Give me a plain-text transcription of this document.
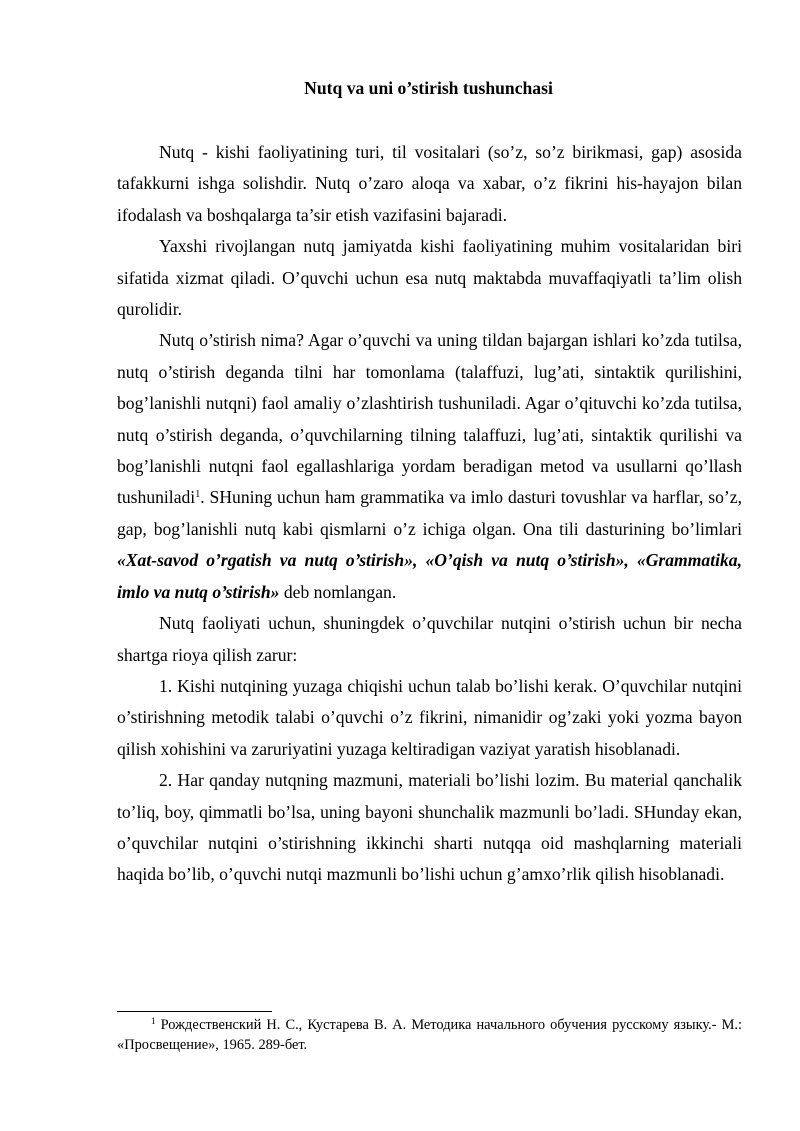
Nutq va uni o’stirish tushunchasi

Nutq - kishi faoliyatining turi, til vositalari (so’z, so’z birikmasi, gap) asosida tafakkurni ishga solishdir. Nutq o’zaro aloqa va xabar, o’z fikrini his-hayajon bilan ifodalash va boshqalarga ta’sir etish vazifasini bajaradi.

Yaxshi rivojlangan nutq jamiyatda kishi faoliyatining muhim vositalaridan biri sifatida xizmat qiladi. O’quvchi uchun esa nutq maktabda muvaffaqiyatli ta’lim olish qurolidir.

Nutq o’stirish nima? Agar o’quvchi va uning tildan bajargan ishlari ko’zda tutilsa, nutq o’stirish deganda tilni har tomonlama (talaffuzi, lug’ati, sintaktik qurilishini, bog’lanishli nutqni) faol amaliy o’zlashtirish tushuniladi. Agar o’qituvchi ko’zda tutilsa, nutq o’stirish deganda, o’quvchilarning tilning talaffuzi, lug’ati, sintaktik qurilishi va bog’lanishli nutqni faol egallashlariga yordam beradigan metod va usullarni qo’llash tushuniladi$^1$. SHuning uchun ham grammatika va imlo dasturi tovushlar va harflar, so’z, gap, bog’lanishli nutq kabi qismlarni o’z ichiga olgan. Ona tili dasturining bo’limlari «Xat-savod o’rgatish va nutq o’stirish», «O’qish va nutq o’stirish», «Grammatika, imlo va nutq o’stirish» deb nomlangan.

Nutq faoliyati uchun, shuningdek o’quvchilar nutqini o’stirish uchun bir necha shartga rioya qilish zarur:

1. Kishi nutqining yuzaga chiqishi uchun talab bo’lishi kerak. O’quvchilar nutqini o’stirishning metodik talabi o’quvchi o’z fikrini, nimanidir og’zaki yoki yozma bayon qilish xohishini va zaruriyatini yuzaga keltiradigan vaziyat yaratish hisoblanadi.

2. Har qanday nutqning mazmuni, materiali bo’lishi lozim. Bu material qanchalik to’liq, boy, qimmatli bo’lsa, uning bayoni shunchalik mazmunli bo’ladi. SHunday ekan, o’quvchilar nutqini o’stirishning ikkinchi sharti nutqqa oid mashqlarning materiali haqida bo’lib, o’quvchi nutqi mazmunli bo’lishi uchun g’amxo’rlik qilish hisoblanadi.

$^1$ Рождественский Н. С., Кустарева В. А. Методика начального обучения русскому языку.- М.: «Просвещение», 1965. 289-бет.
